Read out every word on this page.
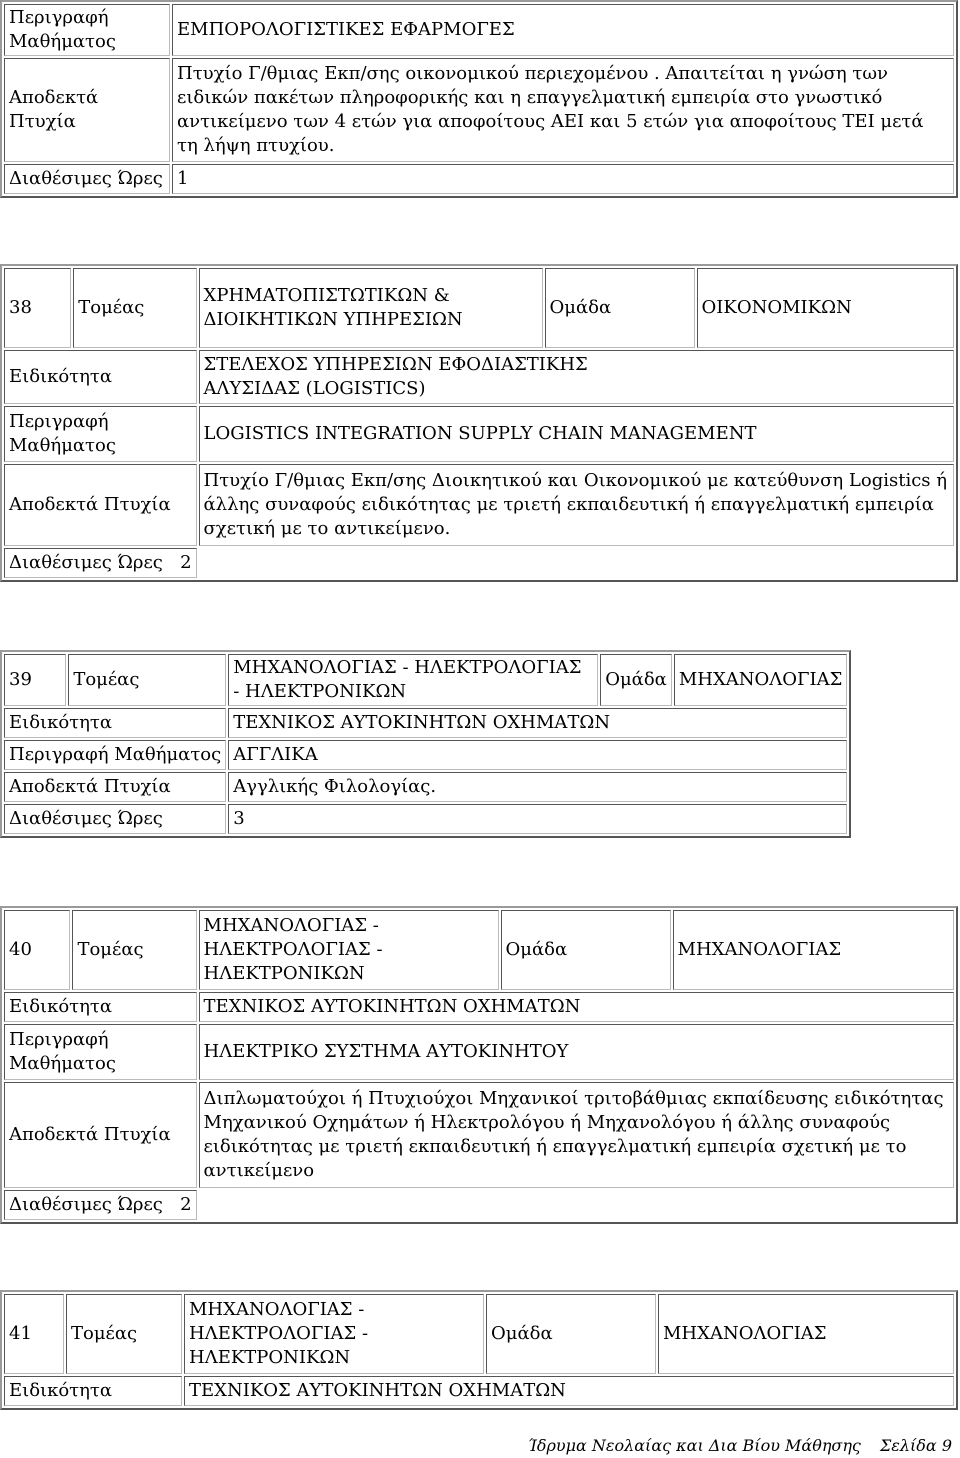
Περιγραφή Μαθήματος	ΕΜΠΟΡΟΛΟΓΙΣΤΙΚΕΣ ΕΦΑΡΜΟΓΕΣ
Αποδεκτά Πτυχία	Πτυχίο Γ/θμιας Εκπ/σης οικονομικού περιεχομένου . Απαιτείται η γνώση των ειδικών πακέτων πληροφορικής και η επαγγελματική εμπειρία στο γνωστικό αντικείμενο των 4 ετών για αποφοίτους ΑΕΙ και 5 ετών για αποφοίτους ΤΕΙ μετά τη λήψη πτυχίου.
Διαθέσιμες Ώρες	1
38	Τομέας	ΧΡΗΜΑΤΟΠΙΣΤΩΤΙΚΩΝ & ΔΙΟΙΚΗΤΙΚΩΝ ΥΠΗΡΕΣΙΩΝ	Ομάδα	ΟΙΚΟΝΟΜΙΚΩΝ
Ειδικότητα		ΣΤΕΛΕΧΟΣ ΥΠΗΡΕΣΙΩΝ ΕΦΟΔΙΑΣΤΙΚΗΣ ΑΛΥΣΙΔΑΣ (LOGISTICS)		

Περιγραφή Μαθήματος		LOGISTICS INTEGRATION SUPPLY CHAIN MANAGEMENT		
Αποδεκτά Πτυχία		Πτυχίο Γ/θμιας Εκπ/σης Διοικητικού και Οικονομικού με κατεύθυνση Logistics ή άλλης συναφούς ειδικότητας με τριετή εκπαιδευτική ή επαγγελματική εμπειρία σχετική με το αντικείμενο.		
Διαθέσιμες Ώρες 2				
39	Τομέας	ΜΗΧΑΝΟΛΟΓΙΑΣ - ΗΛΕΚΤΡΟΛΟΓΙΑΣ - ΗΛΕΚΤΡΟΝΙΚΩΝ	Ομάδα	ΜΗΧΑΝΟΛΟΓΙΑΣ
Ειδικότητα		ΤΕΧΝΙΚΟΣ ΑΥΤΟΚΙΝΗΤΩΝ ΟΧΗΜΑΤΩΝ		
Περιγραφή Μαθήματος		ΑΓΓΛΙΚΑ		
Αποδεκτά Πτυχία		Αγγλικής Φιλολογίας.		
Διαθέσιμες Ώρες		3		
40	Τομέας	ΜΗΧΑΝΟΛΟΓΙΑΣ - ΗΛΕΚΤΡΟΛΟΓΙΑΣ - ΗΛΕΚΤΡΟΝΙΚΩΝ	Ομάδα	ΜΗΧΑΝΟΛΟΓΙΑΣ
Ειδικότητα		ΤΕΧΝΙΚΟΣ ΑΥΤΟΚΙΝΗΤΩΝ ΟΧΗΜΑΤΩΝ		

Περιγραφή Μαθήματος		ΗΛΕΚΤΡΙΚΟ ΣΥΣΤΗΜΑ ΑΥΤΟΚΙΝΗΤΟΥ		
Αποδεκτά Πτυχία		Διπλωματούχοι ή Πτυχιούχοι Μηχανικοί τριτοβάθμιας εκπαίδευσης ειδικότητας Μηχανικού Οχημάτων ή Ηλεκτρολόγου ή Μηχανολόγου ή άλλης συναφούς ειδικότητας με τριετή εκπαιδευτική ή επαγγελματική εμπειρία σχετική με το αντικείμενο		

Διαθέσιμες Ώρες 2				
41	Τομέας	ΜΗΧΑΝΟΛΟΓΙΑΣ - ΗΛΕΚΤΡΟΛΟΓΙΑΣ - ΗΛΕΚΤΡΟΝΙΚΩΝ	Ομάδα	ΜΗΧΑΝΟΛΟΓΙΑΣ
Ειδικότητα		ΤΕΧΝΙΚΟΣ ΑΥΤΟΚΙΝΗΤΩΝ ΟΧΗΜΑΤΩΝ		
Ίδρυμα Νεολαίας και Δια Βίου Μάθησης Σελίδα 9
